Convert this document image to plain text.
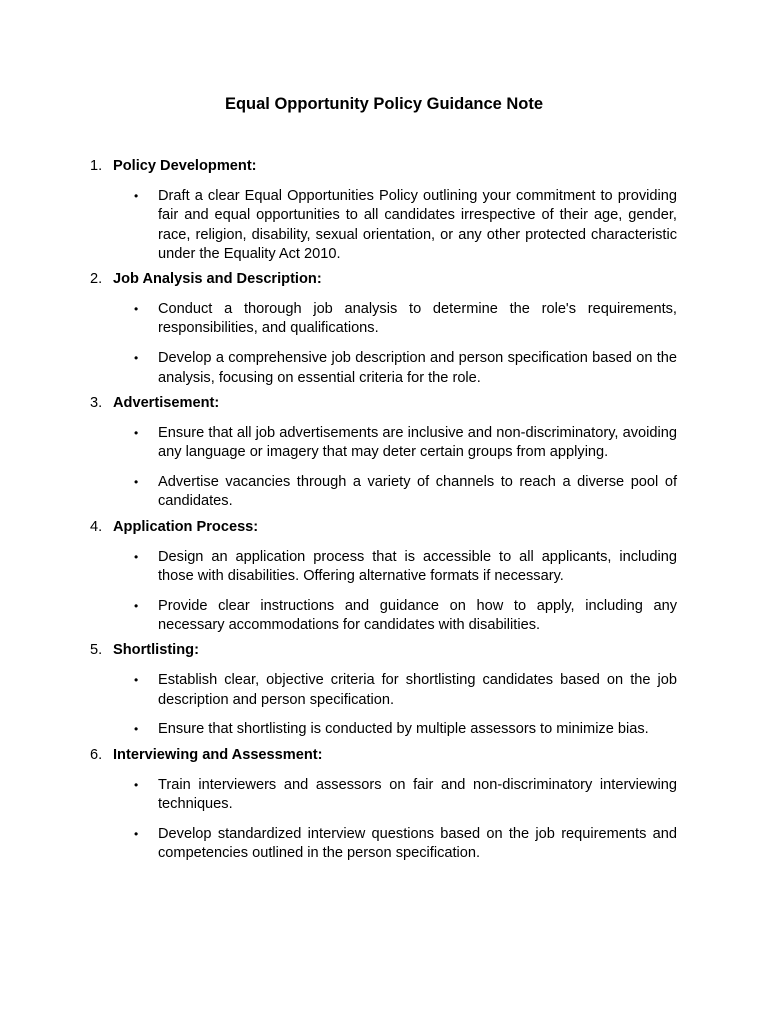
Equal Opportunity Policy Guidance Note
1. Policy Development:
• Draft a clear Equal Opportunities Policy outlining your commitment to providing fair and equal opportunities to all candidates irrespective of their age, gender, race, religion, disability, sexual orientation, or any other protected characteristic under the Equality Act 2010.
2. Job Analysis and Description:
• Conduct a thorough job analysis to determine the role's requirements, responsibilities, and qualifications.
• Develop a comprehensive job description and person specification based on the analysis, focusing on essential criteria for the role.
3. Advertisement:
• Ensure that all job advertisements are inclusive and non-discriminatory, avoiding any language or imagery that may deter certain groups from applying.
• Advertise vacancies through a variety of channels to reach a diverse pool of candidates.
4. Application Process:
• Design an application process that is accessible to all applicants, including those with disabilities. Offering alternative formats if necessary.
• Provide clear instructions and guidance on how to apply, including any necessary accommodations for candidates with disabilities.
5. Shortlisting:
• Establish clear, objective criteria for shortlisting candidates based on the job description and person specification.
• Ensure that shortlisting is conducted by multiple assessors to minimize bias.
6. Interviewing and Assessment:
• Train interviewers and assessors on fair and non-discriminatory interviewing techniques.
• Develop standardized interview questions based on the job requirements and competencies outlined in the person specification.
